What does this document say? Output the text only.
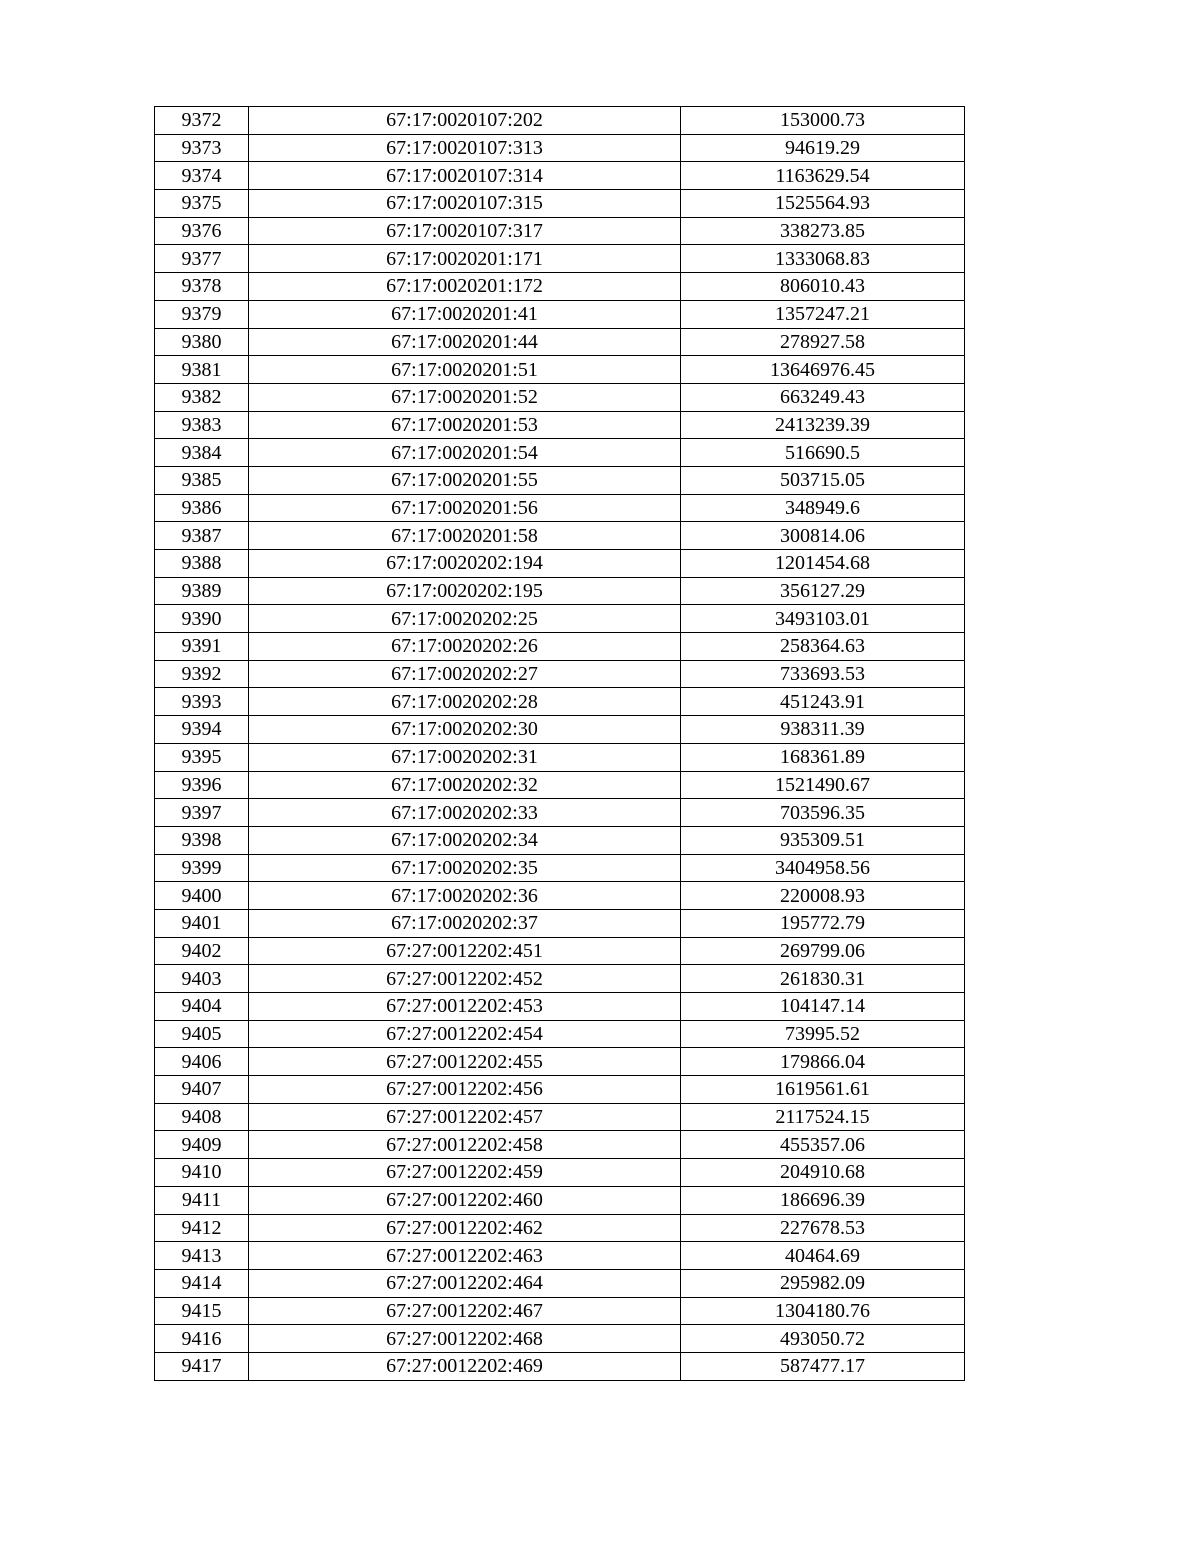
9372	67:17:0020107:202	153000.73
9373	67:17:0020107:313	94619.29
9374	67:17:0020107:314	1163629.54
9375	67:17:0020107:315	1525564.93
9376	67:17:0020107:317	338273.85
9377	67:17:0020201:171	1333068.83
9378	67:17:0020201:172	806010.43
9379	67:17:0020201:41	1357247.21
9380	67:17:0020201:44	278927.58
9381	67:17:0020201:51	13646976.45
9382	67:17:0020201:52	663249.43
9383	67:17:0020201:53	2413239.39
9384	67:17:0020201:54	516690.5
9385	67:17:0020201:55	503715.05
9386	67:17:0020201:56	348949.6
9387	67:17:0020201:58	300814.06
9388	67:17:0020202:194	1201454.68
9389	67:17:0020202:195	356127.29
9390	67:17:0020202:25	3493103.01
9391	67:17:0020202:26	258364.63
9392	67:17:0020202:27	733693.53
9393	67:17:0020202:28	451243.91
9394	67:17:0020202:30	938311.39
9395	67:17:0020202:31	168361.89
9396	67:17:0020202:32	1521490.67
9397	67:17:0020202:33	703596.35
9398	67:17:0020202:34	935309.51
9399	67:17:0020202:35	3404958.56
9400	67:17:0020202:36	220008.93
9401	67:17:0020202:37	195772.79
9402	67:27:0012202:451	269799.06
9403	67:27:0012202:452	261830.31
9404	67:27:0012202:453	104147.14
9405	67:27:0012202:454	73995.52
9406	67:27:0012202:455	179866.04
9407	67:27:0012202:456	1619561.61
9408	67:27:0012202:457	2117524.15
9409	67:27:0012202:458	455357.06
9410	67:27:0012202:459	204910.68
9411	67:27:0012202:460	186696.39
9412	67:27:0012202:462	227678.53
9413	67:27:0012202:463	40464.69
9414	67:27:0012202:464	295982.09
9415	67:27:0012202:467	1304180.76
9416	67:27:0012202:468	493050.72
9417	67:27:0012202:469	587477.17
